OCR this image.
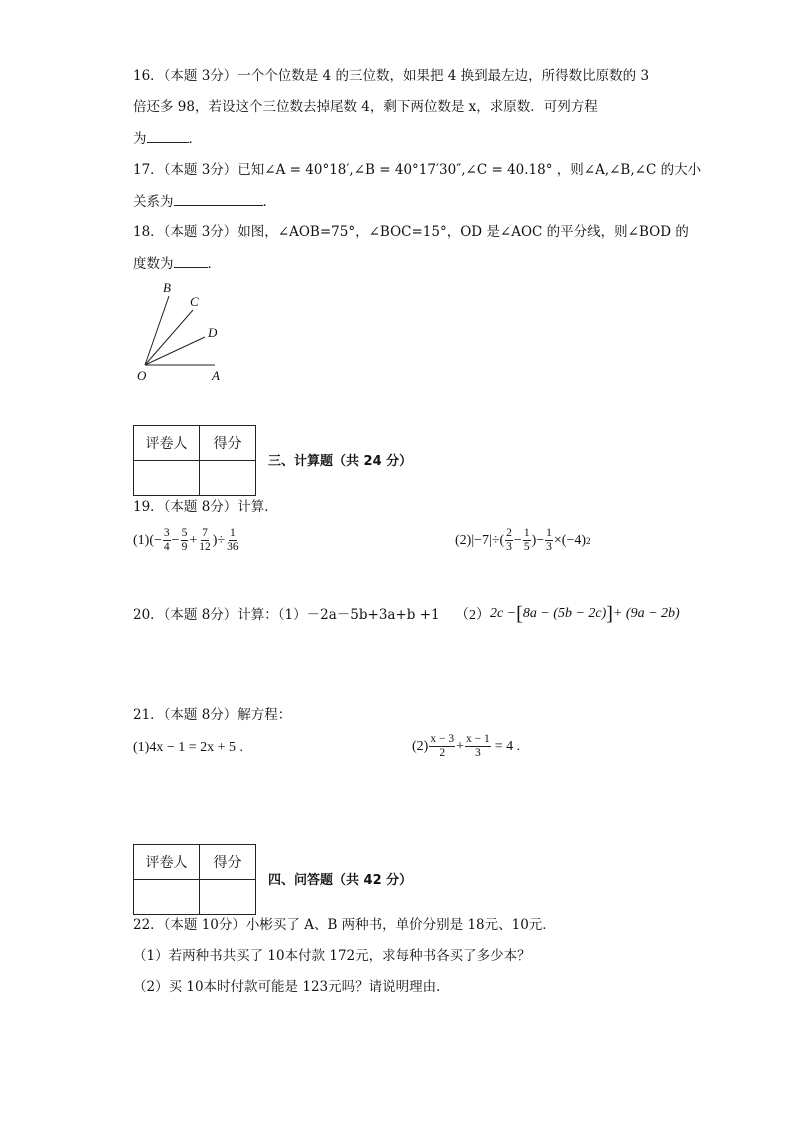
16．（本题 3分）一个个位数是 4 的三位数，如果把 4 换到最左边，所得数比原数的 3
倍还多 98，若设这个三位数去掉尾数 4，剩下两位数是 x，求原数．可列方程
为	．
17．（本题 3分）已知∠A = 40°18′,∠B = 40°17′30″,∠C = 40.18° ，则∠A,∠B,∠C 的大小
关系为	．
18．（本题 3分）如图，∠AOB=75°，∠BOC=15°，OD 是∠AOC 的平分线，则∠BOD 的
度数为	．
B
C
D
O	A
评卷人	得分

三、计算题（共 24 分）
19．（本题 8分）计算．
$(1)( - \frac{3}{4} - \frac{5}{9} + \frac{7}{12}$ )÷ $\frac{1}{36}$	$(2)|-7|\div( \frac{2}{3} - \frac{1}{5}$ )− $\frac{1}{3} \times(-4)$ 2
20．（本题 8分）计算：（1）－2a－5b+3a+b +1 （2） 2c − [ 8a − (5b − 2c) ] + (9a − 2b)
21．（本题 8分）解方程：
(1)4x − 1 = 2x + 5 .	$(2) \frac{x - 3}{2} + \frac{x - 1}{3} = 4$ .
评卷人	得分

四、问答题（共 42 分）
22．（本题 10分）小彬买了 A、B 两种书，单价分别是 18元、10元．
（1）若两种书共买了 10本付款 172元，求每种书各买了多少本？
（2）买 10本时付款可能是 123元吗？请说明理由．
